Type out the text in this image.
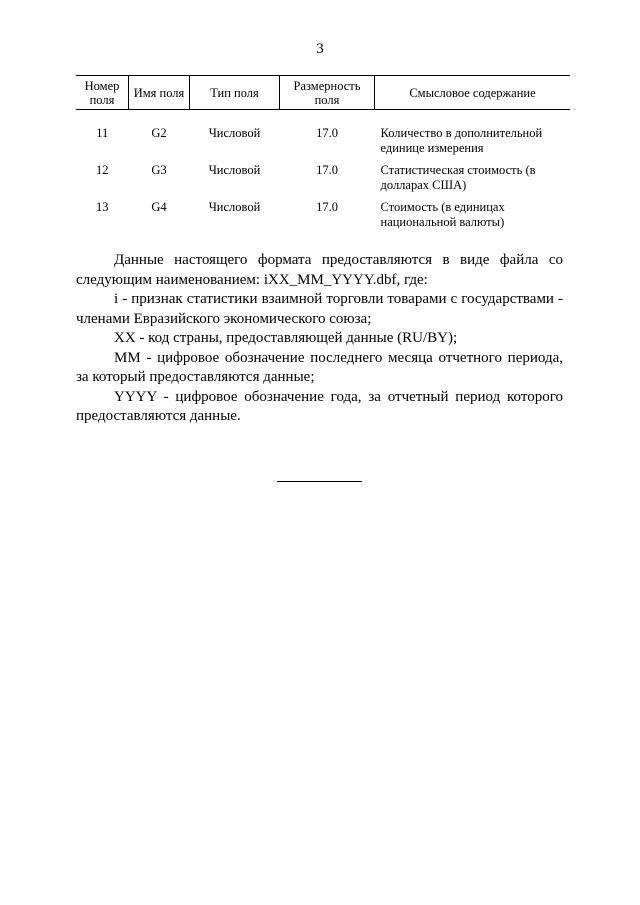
3
Номер поля	Имя поля	Тип поля	Размерность поля	Смысловое содержание

11	G2	Числовой	17.0	Количество в дополнительной единице измерения
12	G3	Числовой	17.0	Статистическая стоимость (в долларах США)
13	G4	Числовой	17.0	Стоимость (в единицах национальной валюты)

Данные настоящего формата предоставляются в виде файла со следующим наименованием: iXX_MM_YYYY.dbf, где:

i - признак статистики взаимной торговли товарами с государствами - членами Евразийского экономического союза;

XX - код страны, предоставляющей данные (RU/BY);

MM - цифровое обозначение последнего месяца отчетного периода, за который предоставляются данные;

YYYY - цифровое обозначение года, за отчетный период которого предоставляются данные.
